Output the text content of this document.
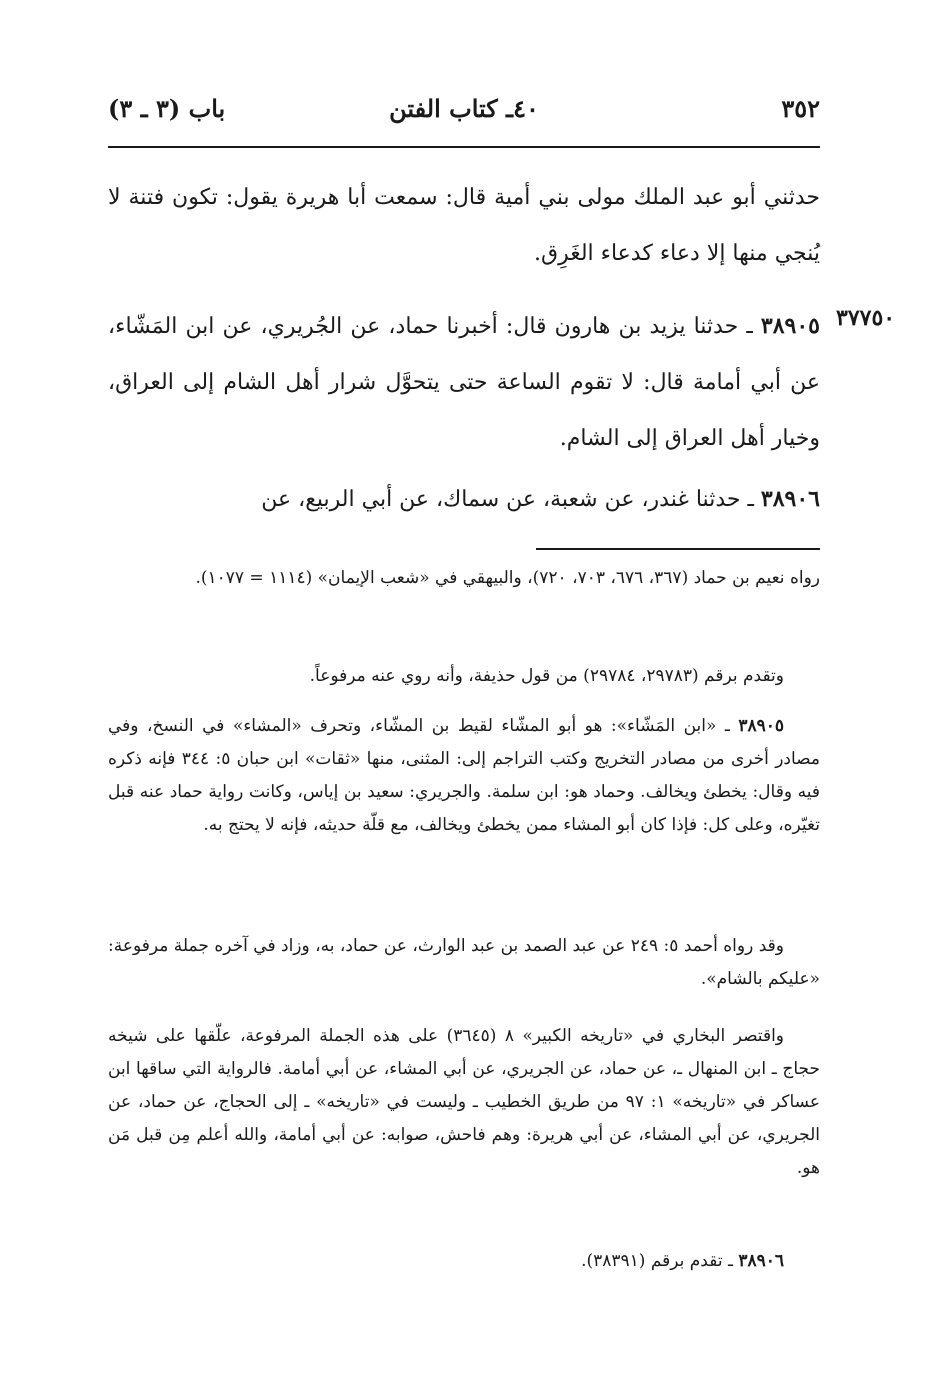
٣٥٢
٤٠ـ كتاب الفتن
باب (٣ ـ ٣)

حدثني أبو عبد الملك مولى بني أمية قال: سمعت أبا هريرة يقول: تكون فتنة لا يُنجي منها إلا دعاء كدعاء الغَرِق.

٣٧٧٥٠

٣٨٩٠٥ ـ حدثنا يزيد بن هارون قال: أخبرنا حماد، عن الجُريري، عن ابن المَشّاء، عن أبي أمامة قال: لا تقوم الساعة حتى يتحوَّل شرار أهل الشام إلى العراق، وخيار أهل العراق إلى الشام.

٣٨٩٠٦ ـ حدثنا غندر، عن شعبة، عن سماك، عن أبي الربيع، عن

رواه نعيم بن حماد (٣٦٧، ٦٧٦، ٧٠٣، ٧٢٠)، والبيهقي في «شعب الإيمان» (١١١٤ = ١٠٧٧).

وتقدم برقم (٢٩٧٨٣، ٢٩٧٨٤) من قول حذيفة، وأنه روي عنه مرفوعاً.

٣٨٩٠٥ ـ «ابن المَشّاء»: هو أبو المشّاء لقيط بن المشّاء، وتحرف «المشاء» في النسخ، وفي مصادر أخرى من مصادر التخريج وكتب التراجم إلى: المثنى، منها «ثقات» ابن حبان ٥: ٣٤٤ فإنه ذكره فيه وقال: يخطئ ويخالف. وحماد هو: ابن سلمة. والجريري: سعيد بن إياس، وكانت رواية حماد عنه قبل تغيّره، وعلى كل: فإذا كان أبو المشاء ممن يخطئ ويخالف، مع قلّة حديثه، فإنه لا يحتج به.

وقد رواه أحمد ٥: ٢٤٩ عن عبد الصمد بن عبد الوارث، عن حماد، به، وزاد في آخره جملة مرفوعة: «عليكم بالشام».

واقتصر البخاري في «تاريخه الكبير» ٨ (٣٦٤٥) على هذه الجملة المرفوعة، علّقها على شيخه حجاج ـ ابن المنهال ـ، عن حماد، عن الجريري، عن أبي المشاء، عن أبي أمامة. فالرواية التي ساقها ابن عساكر في «تاريخه» ١: ٩٧ من طريق الخطيب ـ وليست في «تاريخه» ـ إلى الحجاج، عن حماد، عن الجريري، عن أبي المشاء، عن أبي هريرة: وهم فاحش، صوابه: عن أبي أمامة، والله أعلم مِن قبل مَن هو.

٣٨٩٠٦ ـ تقدم برقم (٣٨٣٩١).
